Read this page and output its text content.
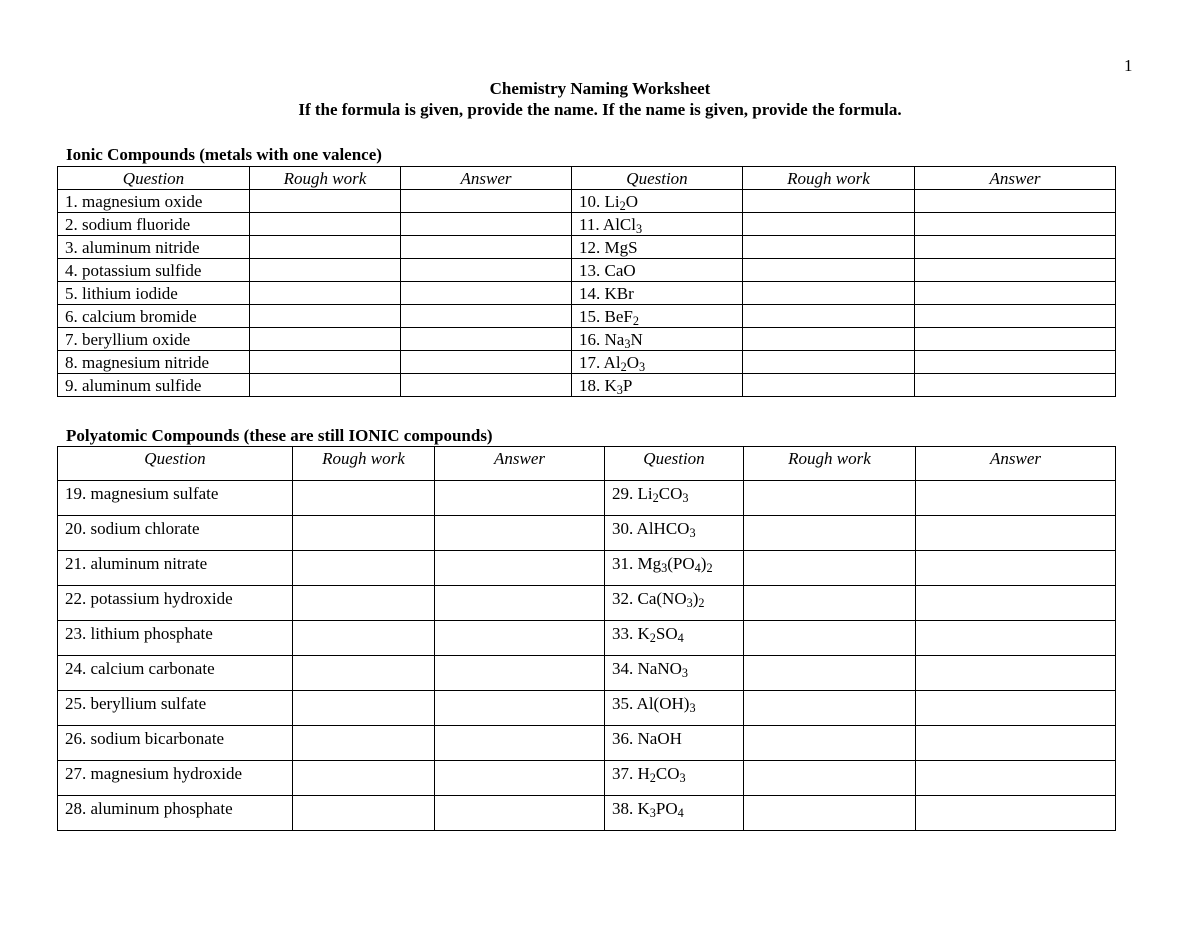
1
Chemistry Naming Worksheet
If the formula is given, provide the name. If the name is given, provide the formula.
Ionic Compounds (metals with one valence)
Question	Rough work	Answer	Question	Rough work	Answer
1. magnesium oxide			10. $Li_2O$		
2. sodium fluoride			11. AlCl$_3$		
3. aluminum nitride			12. MgS		
4. potassium sulfide			13. CaO		
5. lithium iodide			14. KBr		
6. calcium bromide			15. BeF$_2$		
7. beryllium oxide			16. $Na_3N$		
8. magnesium nitride			17. $Al_2O_3$		
9. aluminum sulfide			18. $K_3P$		
Polyatomic Compounds (these are still IONIC compounds)
Question	Rough work	Answer	Question	Rough work	Answer
19. magnesium sulfate			29. $Li_2CO_3$		
20. sodium chlorate			30. AlHCO$_3$		
21. aluminum nitrate			31. $Mg_3(PO_4)_2$		
22. potassium hydroxide			32. $Ca(NO_3)_2$		
23. lithium phosphate			33. $K_2SO_4$		
24. calcium carbonate			34. NaNO$_3$		
25. beryllium sulfate			35. $Al(OH)_3$		
26. sodium bicarbonate			36. NaOH		
27. magnesium hydroxide			37. $H_2CO_3$		
28. aluminum phosphate			38. $K_3PO_4$		
